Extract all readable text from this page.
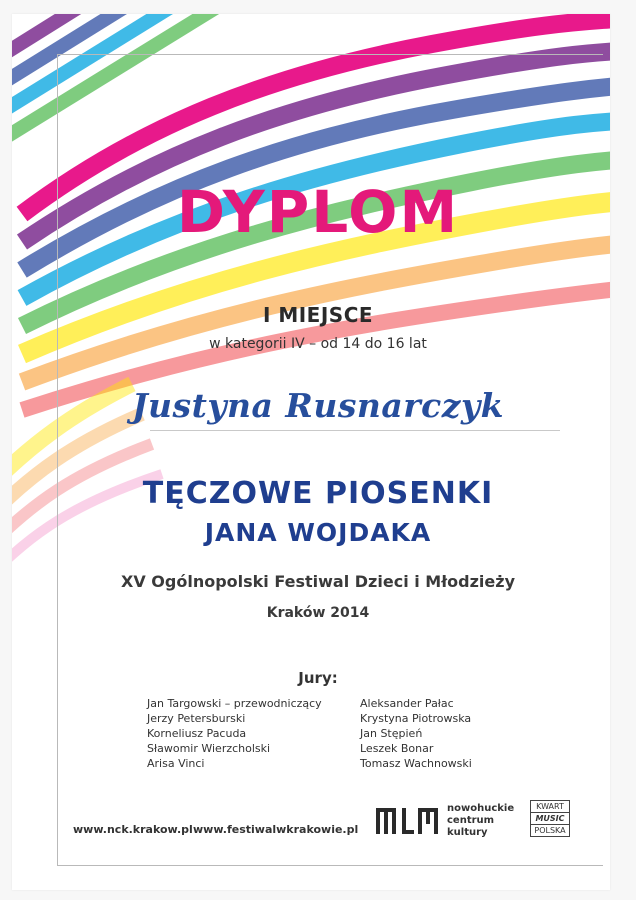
DYPLOM
I MIEJSCE
w kategorii IV – od 14 do 16 lat
Justyna Rusnarczyk
TĘCZOWE PIOSENKI
JANA WOJDAKA
XV Ogólnopolski Festiwal Dzieci i Młodzieży
Kraków 2014
Jury:
Jan Targowski – przewodniczący
Jerzy Petersburski
Korneliusz Pacuda
Sławomir Wierzcholski
Arisa Vinci
Aleksander Pałac
Krystyna Piotrowska
Jan Stępień
Leszek Bonar
Tomasz Wachnowski
www.nck.krakow.pl www.festiwalwkrakowie.pl
nowohuckie
centrum
kultury
KWART
MUSIC
POLSKA
